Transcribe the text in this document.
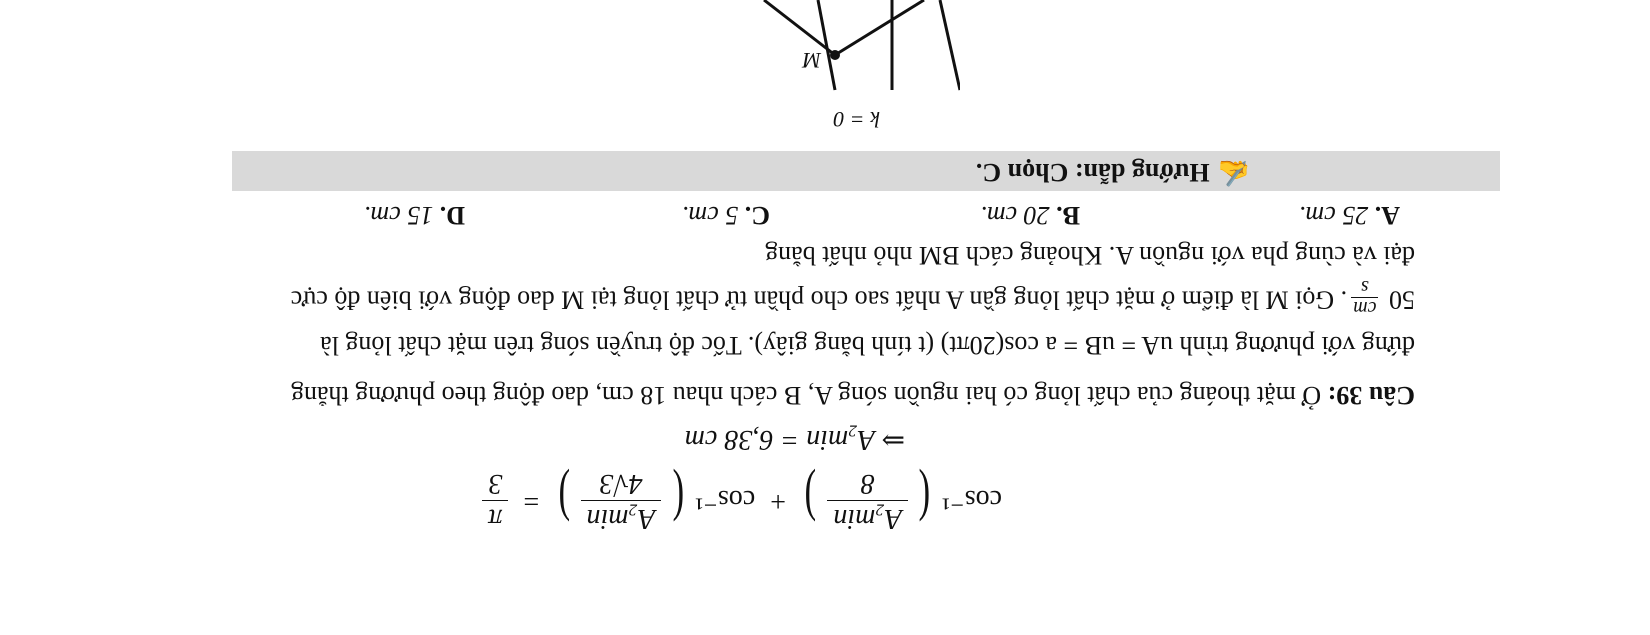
cos⁻¹ (
A₂min
8
) + cos⁻¹ (
A₂min
4√3
) =
π
3
⇒ A₂min = 6,38 cm
Câu 39: Ở mặt thoáng của chất lỏng có hai nguồn sóng A, B cách nhau 18 cm, dao động theo phương thẳng
đứng với phương trình uA = uB = a cos(20πt) (t tính bằng giây). Tốc độ truyền sóng trên mặt chất lỏng là
50
cm
s
. Gọi M là điểm ở mặt chất lỏng gần A nhất sao cho phần tử chất lỏng tại M dao động với biên độ cực
đại và cùng pha với nguồn A. Khoảng cách BM nhỏ nhất bằng
A. 25 cm.
B. 20 cm.
C. 5 cm.
D. 15 cm.
✍Hướng dẫn: Chọn C.
k = 0
M
